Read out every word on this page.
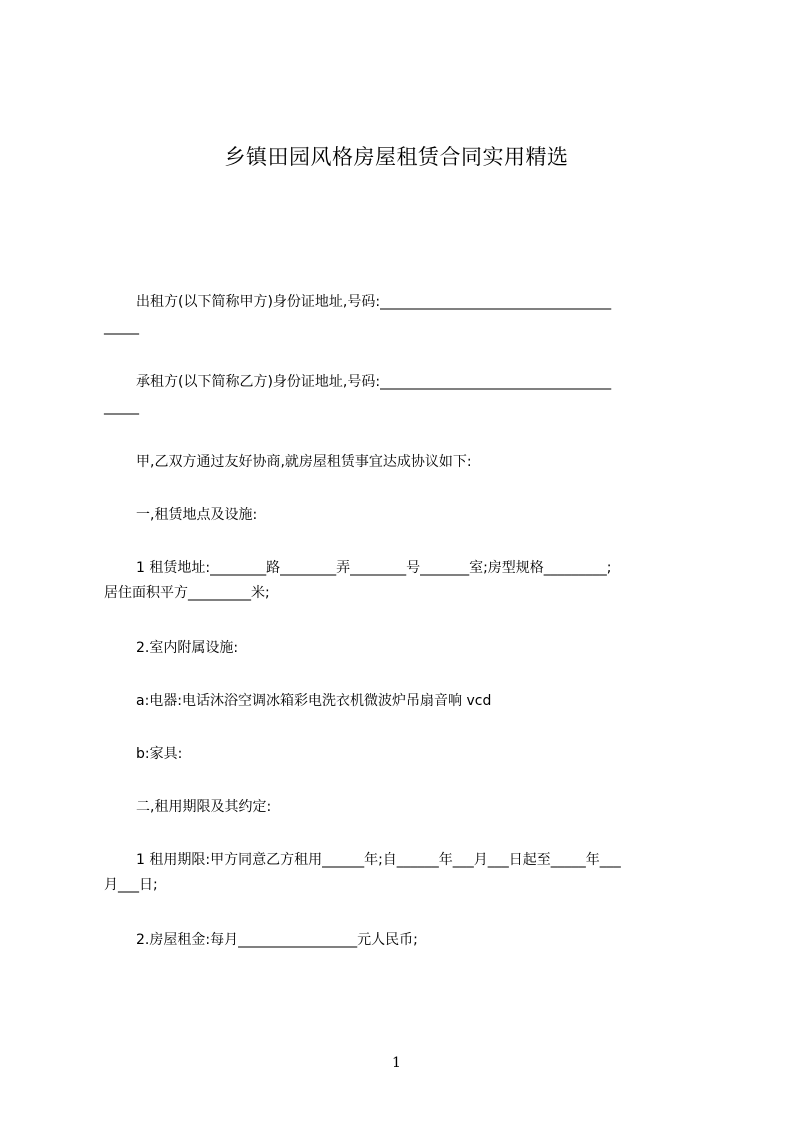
乡镇田园风格房屋租赁合同实用精选
出租方(以下简称甲方)身份证地址,号码:_________________________________
_____
承租方(以下简称乙方)身份证地址,号码:_________________________________
_____
甲,乙双方通过友好协商,就房屋租赁事宜达成协议如下:
一,租赁地点及设施:
1 租赁地址:________路________弄________号_______室;房型规格_________;
居住面积平方_________米;
2.室内附属设施:
a:电器:电话沐浴空调冰箱彩电洗衣机微波炉吊扇音响 vcd
b:家具:
二,租用期限及其约定:
1 租用期限:甲方同意乙方租用______年;自______年___月___日起至_____年___
月___日;
2.房屋租金:每月_________________元人民币;
1
